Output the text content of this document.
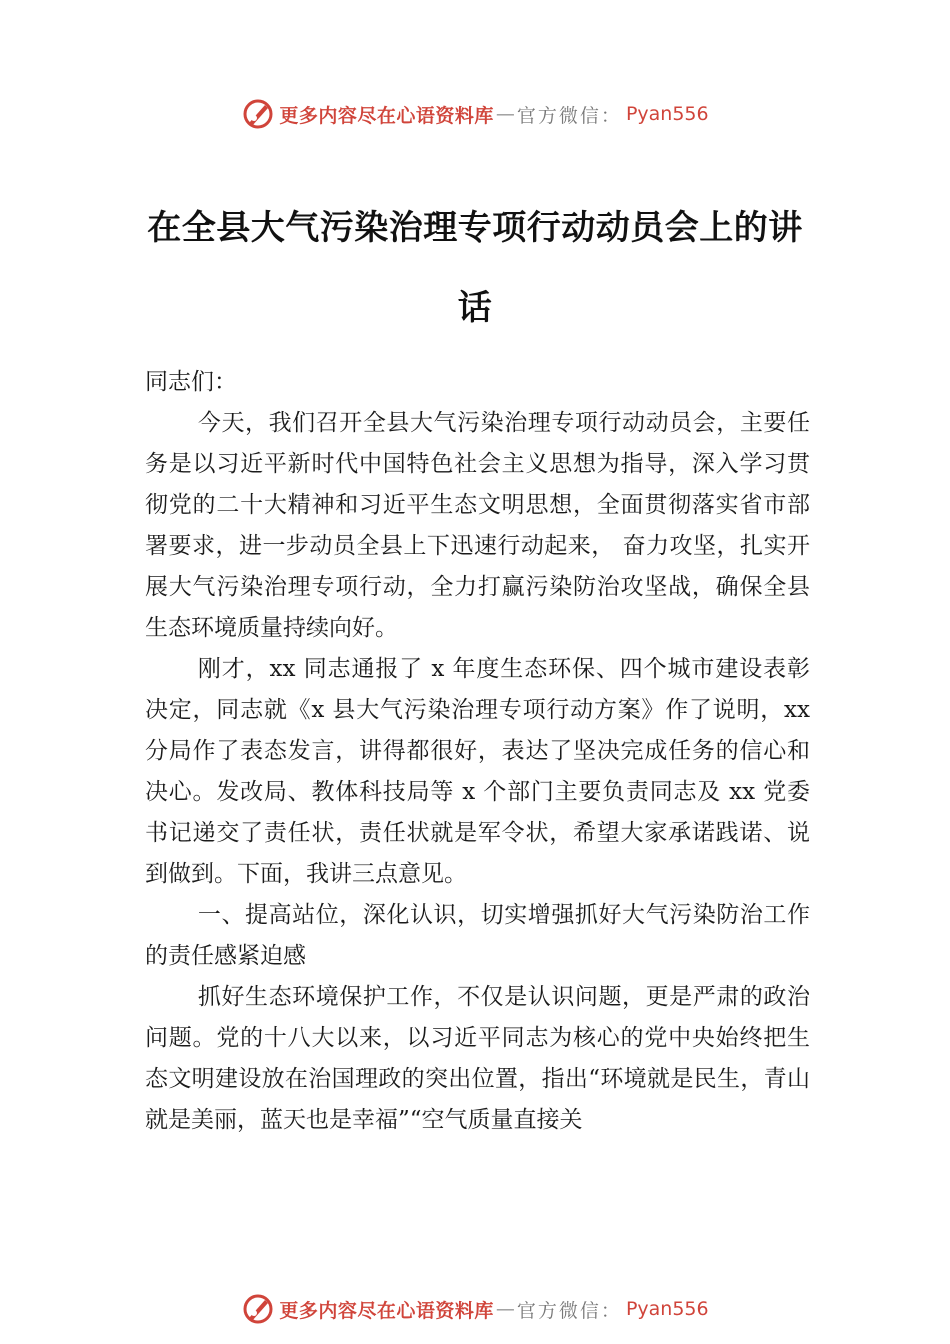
更多内容尽在心语资料库 — 官方微信： Pyan556
在全县大气污染治理专项行动动员会上的讲话

同志们：

今天，我们召开全县大气污染治理专项行动动员会，主要任务是以习近平新时代中国特色社会主义思想为指导，深入学习贯彻党的二十大精神和习近平生态文明思想，全面贯彻落实省市部署要求，进一步动员全县上下迅速行动起来， 奋力攻坚，扎实开展大气污染治理专项行动，全力打赢污染防治攻坚战，确保全县生态环境质量持续向好。

刚才，xx 同志通报了 x 年度生态环保、四个城市建设表彰决定，同志就《x 县大气污染治理专项行动方案》作了说明，xx 分局作了表态发言，讲得都很好，表达了坚决完成任务的信心和决心。发改局、教体科技局等 x 个部门主要负责同志及 xx 党委书记递交了责任状，责任状就是军令状，希望大家承诺践诺、说到做到。下面，我讲三点意见。

一、提高站位，深化认识，切实增强抓好大气污染防治工作的责任感紧迫感

抓好生态环境保护工作，不仅是认识问题，更是严肃的政治问题。党的十八大以来，以习近平同志为核心的党中央始终把生态文明建设放在治国理政的突出位置，指出“环境就是民生，青山就是美丽，蓝天也是幸福”“空气质量直接关

更多内容尽在心语资料库 — 官方微信： Pyan556
